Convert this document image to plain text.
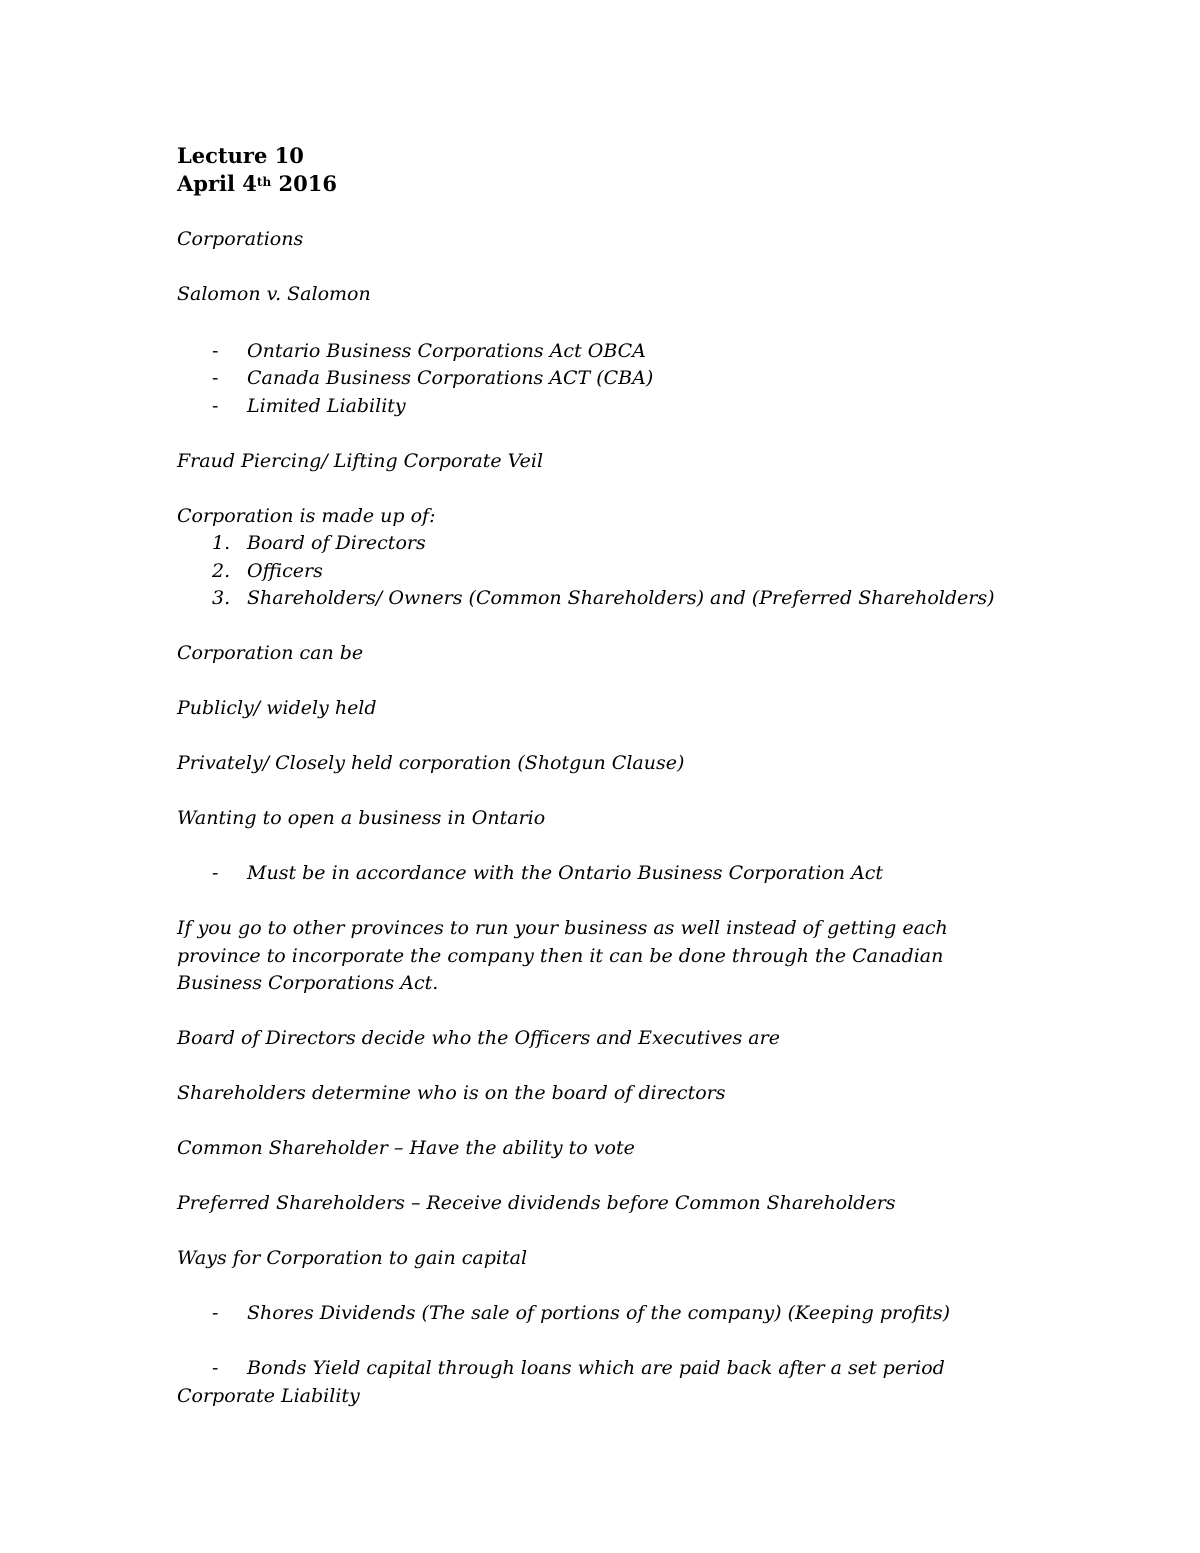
Lecture 10
April 4th 2016
Corporations
Salomon v. Salomon
- Ontario Business Corporations Act OBCA
- Canada Business Corporations ACT (CBA)
- Limited Liability
Fraud Piercing/ Lifting Corporate Veil
Corporation is made up of:
1. Board of Directors
2. Officers
3. Shareholders/ Owners (Common Shareholders) and (Preferred Shareholders)
Corporation can be
Publicly/ widely held
Privately/ Closely held corporation (Shotgun Clause)
Wanting to open a business in Ontario
- Must be in accordance with the Ontario Business Corporation Act
If you go to other provinces to run your business as well instead of getting each
province to incorporate the company then it can be done through the Canadian
Business Corporations Act.
Board of Directors decide who the Officers and Executives are
Shareholders determine who is on the board of directors
Common Shareholder – Have the ability to vote
Preferred Shareholders – Receive dividends before Common Shareholders
Ways for Corporation to gain capital
- Shores Dividends (The sale of portions of the company) (Keeping profits)
- Bonds Yield capital through loans which are paid back after a set period
Corporate Liability
